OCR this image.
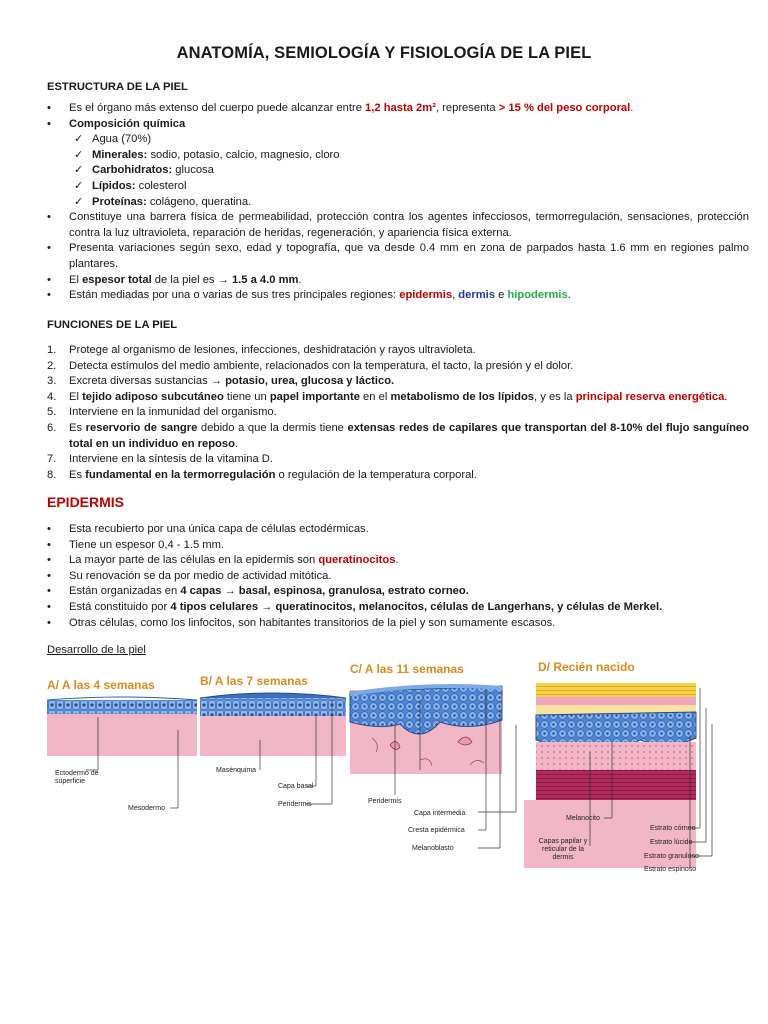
ANATOMÍA, SEMIOLOGÍA Y FISIOLOGÍA DE LA PIEL

ESTRUCTURA DE LA PIEL

• Es el órgano más extenso del cuerpo puede alcanzar entre 1,2 hasta 2m², representa > 15 % del peso corporal.
• Composición química
✓ Agua (70%)
✓ Minerales: sodio, potasio, calcio, magnesio, cloro
✓ Carbohidratos: glucosa
✓ Lípidos: colesterol
✓ Proteínas: colágeno, queratina.
• Constituye una barrera física de permeabilidad, protección contra los agentes infecciosos, termorregulación, sensaciones, protección contra la luz ultravioleta, reparación de heridas, regeneración, y apariencia física externa.
• Presenta variaciones según sexo, edad y topografía, que va desde 0.4 mm en zona de parpados hasta 1.6 mm en regiones palmo plantares.
• El espesor total de la piel es → 1.5 a 4.0 mm.
• Están mediadas por una o varias de sus tres principales regiones: epidermis, dermis e hipodermis.

FUNCIONES DE LA PIEL

1. Protege al organismo de lesiones, infecciones, deshidratación y rayos ultravioleta.
2. Detecta estímulos del medio ambiente, relacionados con la temperatura, el tacto, la presión y el dolor.
3. Excreta diversas sustancias → potasio, urea, glucosa y láctico.
4. El tejido adiposo subcutáneo tiene un papel importante en el metabolismo de los lípidos, y es la principal reserva energética.
5. Interviene en la inmunidad del organismo.
6. Es reservorio de sangre debido a que la dermis tiene extensas redes de capilares que transportan del 8-10% del flujo sanguíneo total en un individuo en reposo.
7. Interviene en la síntesis de la vitamina D.
8. Es fundamental en la termorregulación o regulación de la temperatura corporal.

EPIDERMIS

• Esta recubierto por una única capa de células ectodérmicas.
• Tiene un espesor 0,4 - 1.5 mm.
• La mayor parte de las células en la epidermis son queratinocitos.
• Su renovación se da por medio de actividad mitótica.
• Están organizadas en 4 capas → basal, espinosa, granulosa, estrato corneo.
• Está constituido por 4 tipos celulares → queratinocitos, melanocitos, células de Langerhans, y células de Merkel.
• Otras células, como los linfocitos, son habitantes transitorios de la piel y son sumamente escasos.

Desarrollo de la piel

A/ A las 4 semanas	B/ A las 7 semanas

C/ A las 11 semanas	D/ Recién nacido

Ectodermo de superficie

Mesodermo

Masénquima

Capa basal

Peridermis	Peridermis

Capa intermedia

Cresta epidérmica

Melanoblasto

Melanocito

Estrato córneo

Estrato lúcido

Estrato granuloso

Estrato espinoso

Capas papilar y reticular de la dermis
